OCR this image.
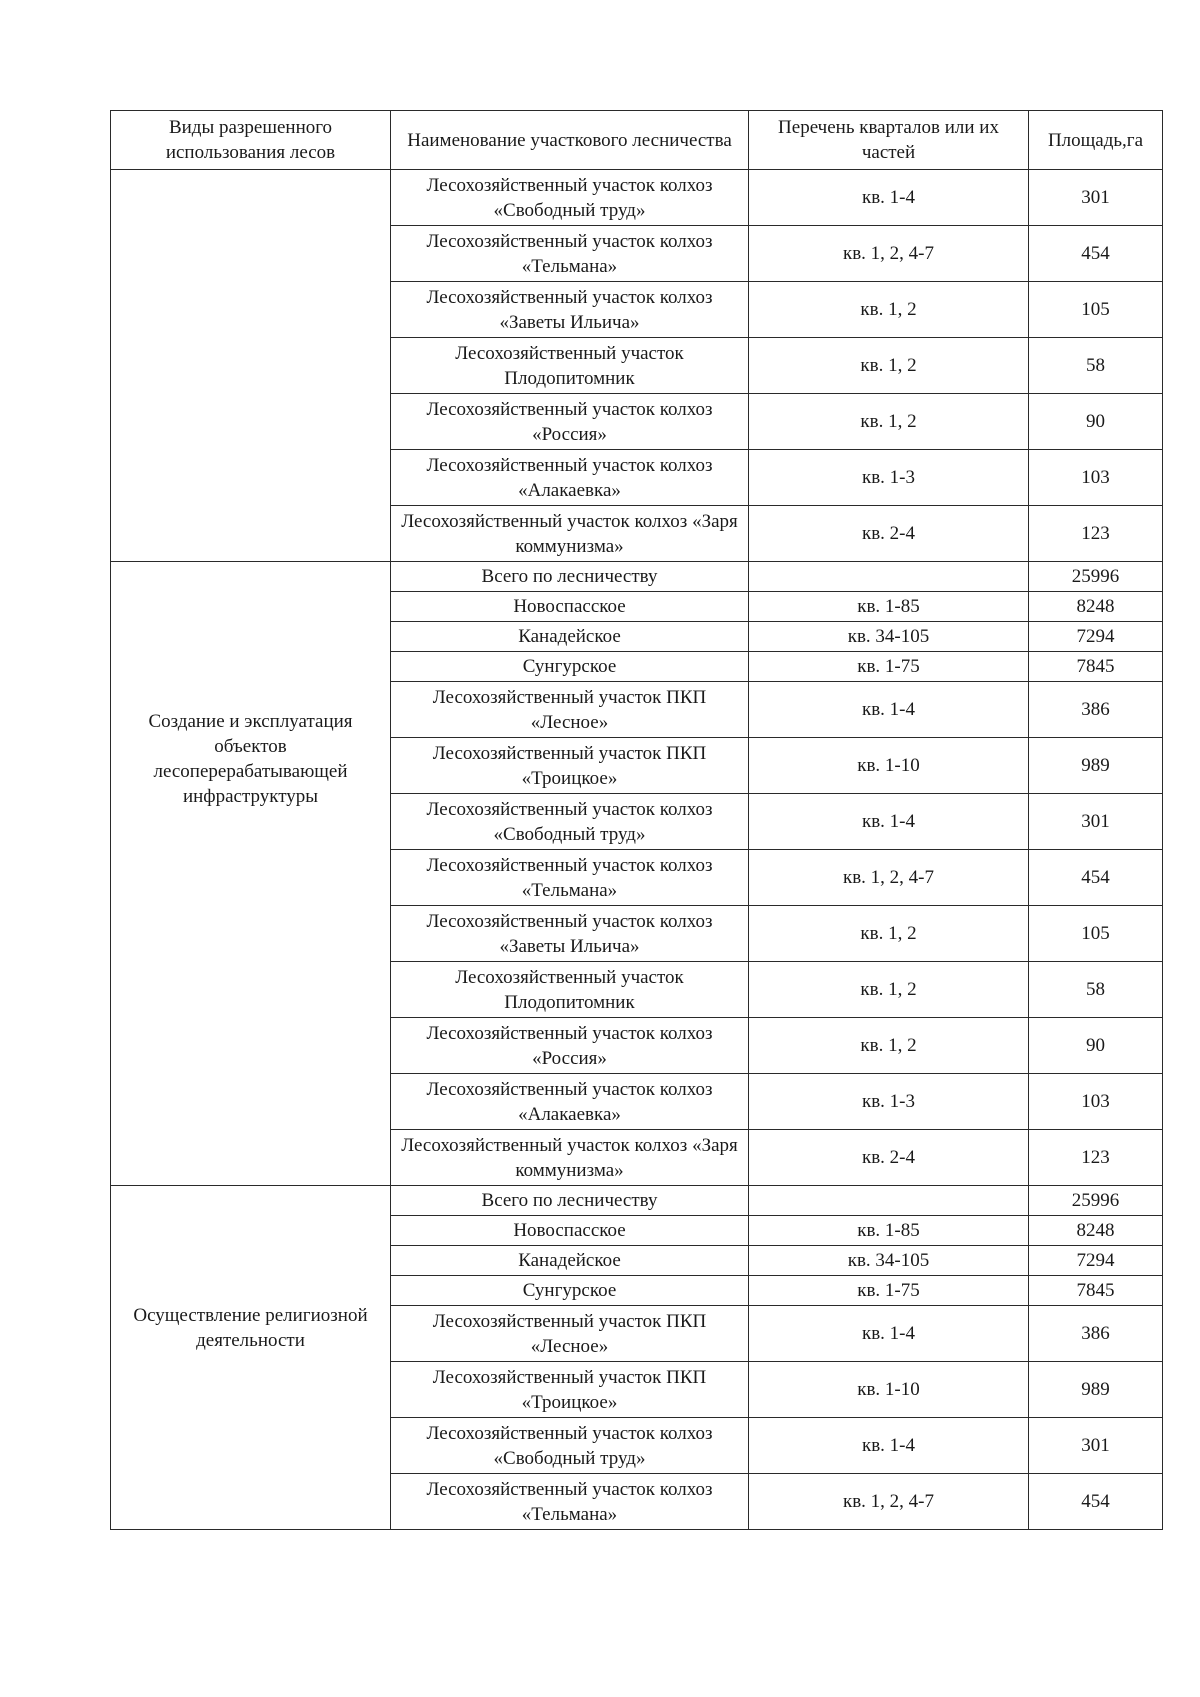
Виды разрешенного использования лесов	Наименование участкового лесничества	Перечень кварталов или их частей	Площадь,га

	Лесохозяйственный участок колхоз «Свободный труд»	кв. 1-4	301
	Лесохозяйственный участок колхоз «Тельмана»	кв. 1, 2, 4-7	454
	Лесохозяйственный участок колхоз «Заветы Ильича»	кв. 1, 2	105
	Лесохозяйственный участок Плодопитомник	кв. 1, 2	58
	Лесохозяйственный участок колхоз «Россия»	кв. 1, 2	90
	Лесохозяйственный участок колхоз «Алакаевка»	кв. 1-3	103
	Лесохозяйственный участок колхоз «Заря коммунизма»	кв. 2-4	123

Создание и эксплуатация объектов лесоперерабатывающей инфраструктуры	Всего по лесничеству		25996
	Новоспасское	кв. 1-85	8248
	Канадейское	кв. 34-105	7294
	Сунгурское	кв. 1-75	7845
	Лесохозяйственный участок ПКП «Лесное»	кв. 1-4	386
	Лесохозяйственный участок ПКП «Троицкое»	кв. 1-10	989
	Лесохозяйственный участок колхоз «Свободный труд»	кв. 1-4	301
	Лесохозяйственный участок колхоз «Тельмана»	кв. 1, 2, 4-7	454
	Лесохозяйственный участок колхоз «Заветы Ильича»	кв. 1, 2	105
	Лесохозяйственный участок Плодопитомник	кв. 1, 2	58
	Лесохозяйственный участок колхоз «Россия»	кв. 1, 2	90
	Лесохозяйственный участок колхоз «Алакаевка»	кв. 1-3	103
	Лесохозяйственный участок колхоз «Заря коммунизма»	кв. 2-4	123

Осуществление религиозной деятельности	Всего по лесничеству		25996
	Новоспасское	кв. 1-85	8248
	Канадейское	кв. 34-105	7294
	Сунгурское	кв. 1-75	7845
	Лесохозяйственный участок ПКП «Лесное»	кв. 1-4	386
	Лесохозяйственный участок ПКП «Троицкое»	кв. 1-10	989
	Лесохозяйственный участок колхоз «Свободный труд»	кв. 1-4	301
	Лесохозяйственный участок колхоз «Тельмана»	кв. 1, 2, 4-7	454
